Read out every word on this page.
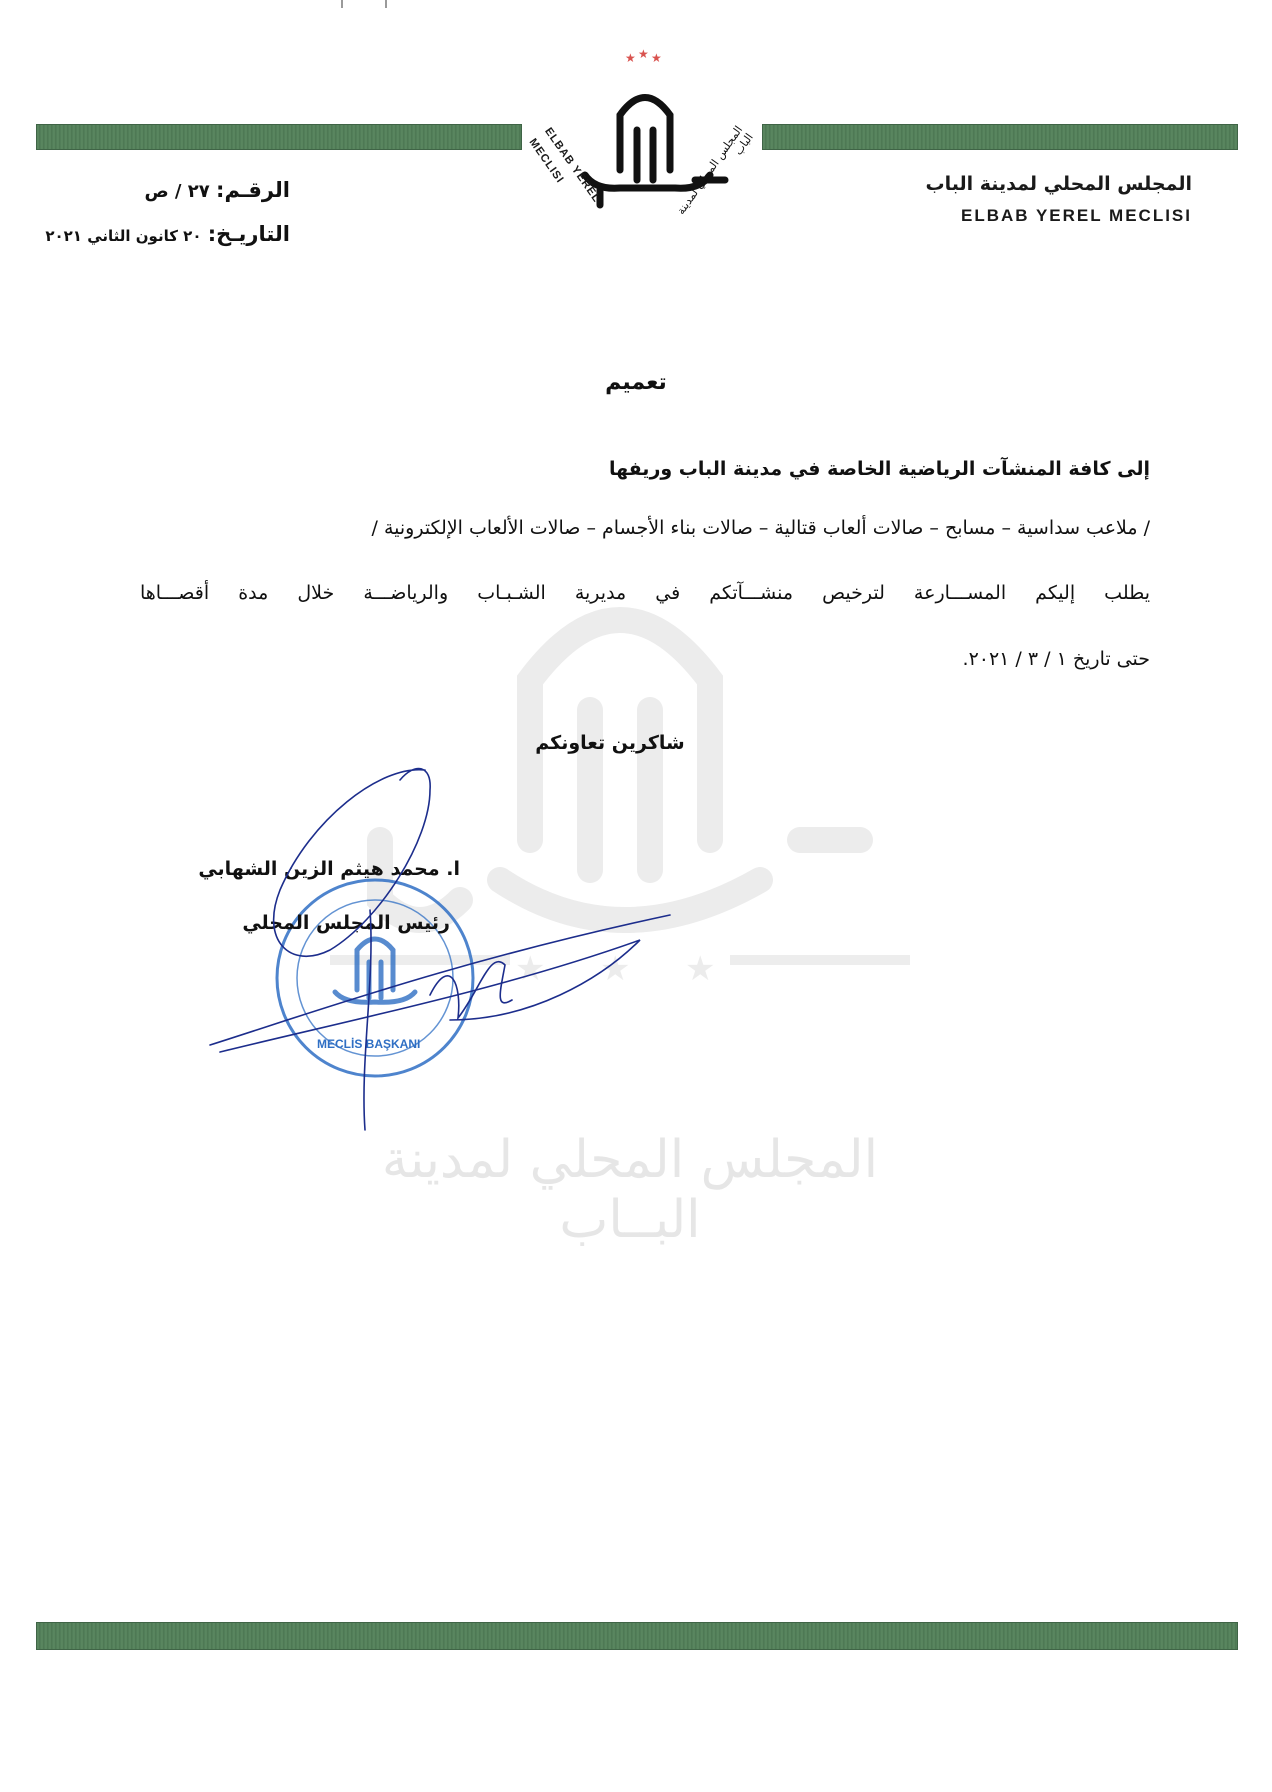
★ ★ ★
المجلس المحلي لمدينة البــاب
★ ★ ★
ELBAB YEREL MECLISI	المجلس المحلي لمدينة الباب
المجلس المحلي لمدينة الباب
ELBAB YEREL MECLISI
الرقـم: ٢٧ / ص
التاريـخ: ٢٠ كانون الثاني ٢٠٢١
تعميم
إلى كافة المنشآت الرياضية الخاصة في مدينة الباب وريفها
/ ملاعب سداسية – مسابح – صالات ألعاب قتالية – صالات بناء الأجسام – صالات الألعاب الإلكترونية /
يطلب إليكم المســـارعة لترخيص منشـــآتكم في مديرية الشـبـاب والرياضـــة خلال مدة أقصـــاها
حتى تاريخ ١ / ٣ / ٢٠٢١.
شاكرين تعاونكم
MECLİS BAŞKANI
ا. محمد هيثم الزين الشهابي
رئيس المجلس المحلي
